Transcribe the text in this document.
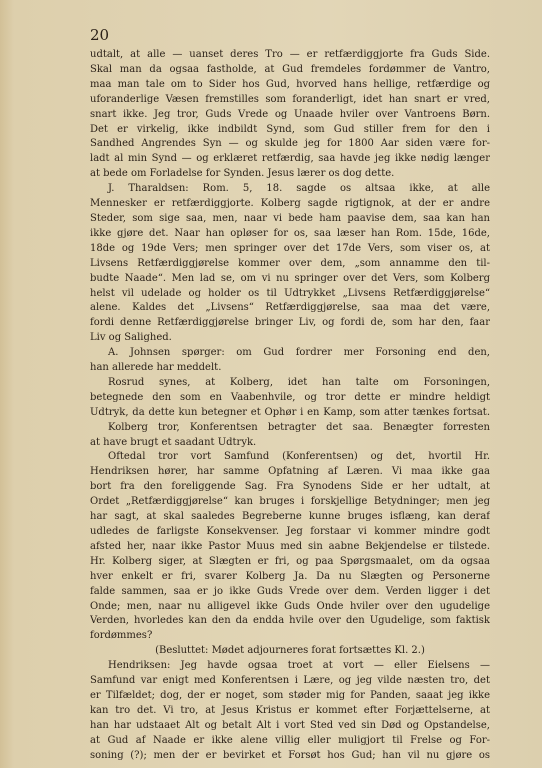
20
udtalt, at alle — uanset deres Tro — er retfærdiggjorte fra Guds Side.
Skal man da ogsaa fastholde, at Gud fremdeles fordømmer de Vantro,
maa man tale om to Sider hos Gud, hvorved hans hellige, retfærdige og
uforanderlige Væsen fremstilles som foranderligt, idet han snart er vred,
snart ikke. Jeg tror, Guds Vrede og Unaade hviler over Vantroens Børn.
Det er virkelig, ikke indbildt Synd, som Gud stiller frem for den i
Sandhed Angrendes Syn — og skulde jeg for 1800 Aar siden være for-
ladt al min Synd — og erklæret retfærdig, saa havde jeg ikke nødig længer
at bede om Forladelse for Synden. Jesus lærer os dog dette.
J. Tharaldsen: Rom. 5, 18. sagde os altsaa ikke, at alle
Mennesker er retfærdiggjorte. Kolberg sagde rigtignok, at der er andre
Steder, som sige saa, men, naar vi bede ham paavise dem, saa kan han
ikke gjøre det. Naar han opløser for os, saa læser han Rom. 15de, 16de,
18de og 19de Vers; men springer over det 17de Vers, som viser os, at
Livsens Retfærdiggjørelse kommer over dem, „som annamme den til-
budte Naade“. Men lad se, om vi nu springer over det Vers, som Kolberg
helst vil udelade og holder os til Udtrykket „Livsens Retfærdiggjørelse“
alene. Kaldes det „Livsens“ Retfærdiggjørelse, saa maa det være,
fordi denne Retfærdiggjørelse bringer Liv, og fordi de, som har den, faar
Liv og Salighed.
A. Johnsen spørger: om Gud fordrer mer Forsoning end den,
han allerede har meddelt.
Rosrud synes, at Kolberg, idet han talte om Forsoningen,
betegnede den som en Vaabenhvile, og tror dette er mindre heldigt
Udtryk, da dette kun betegner et Ophør i en Kamp, som atter tænkes fortsat.
Kolberg tror, Konferentsen betragter det saa. Benægter forresten
at have brugt et saadant Udtryk.
Oftedal tror vort Samfund (Konferentsen) og det, hvortil Hr.
Hendriksen hører, har samme Opfatning af Læren. Vi maa ikke gaa
bort fra den foreliggende Sag. Fra Synodens Side er her udtalt, at
Ordet „Retfærdiggjørelse“ kan bruges i forskjellige Betydninger; men jeg
har sagt, at skal saaledes Begreberne kunne bruges isflæng, kan deraf
udledes de farligste Konsekvenser. Jeg forstaar vi kommer mindre godt
afsted her, naar ikke Pastor Muus med sin aabne Bekjendelse er tilstede.
Hr. Kolberg siger, at Slægten er fri, og paa Spørgsmaalet, om da ogsaa
hver enkelt er fri, svarer Kolberg Ja. Da nu Slægten og Personerne
falde sammen, saa er jo ikke Guds Vrede over dem. Verden ligger i det
Onde; men, naar nu alligevel ikke Guds Onde hviler over den ugudelige
Verden, hvorledes kan den da endda hvile over den Ugudelige, som faktisk
fordømmes?
(Besluttet: Mødet adjourneres forat fortsættes Kl. 2.)
Hendriksen: Jeg havde ogsaa troet at vort — eller Eielsens —
Samfund var enigt med Konferentsen i Lære, og jeg vilde næsten tro, det
er Tilfældet; dog, der er noget, som støder mig for Panden, saaat jeg ikke
kan tro det. Vi tro, at Jesus Kristus er kommet efter Forjættelserne, at
han har udstaaet Alt og betalt Alt i vort Sted ved sin Død og Opstandelse,
at Gud af Naade er ikke alene villig eller muligjort til Frelse og For-
soning (?); men der er bevirket et Forsøt hos Gud; han vil nu gjøre os
